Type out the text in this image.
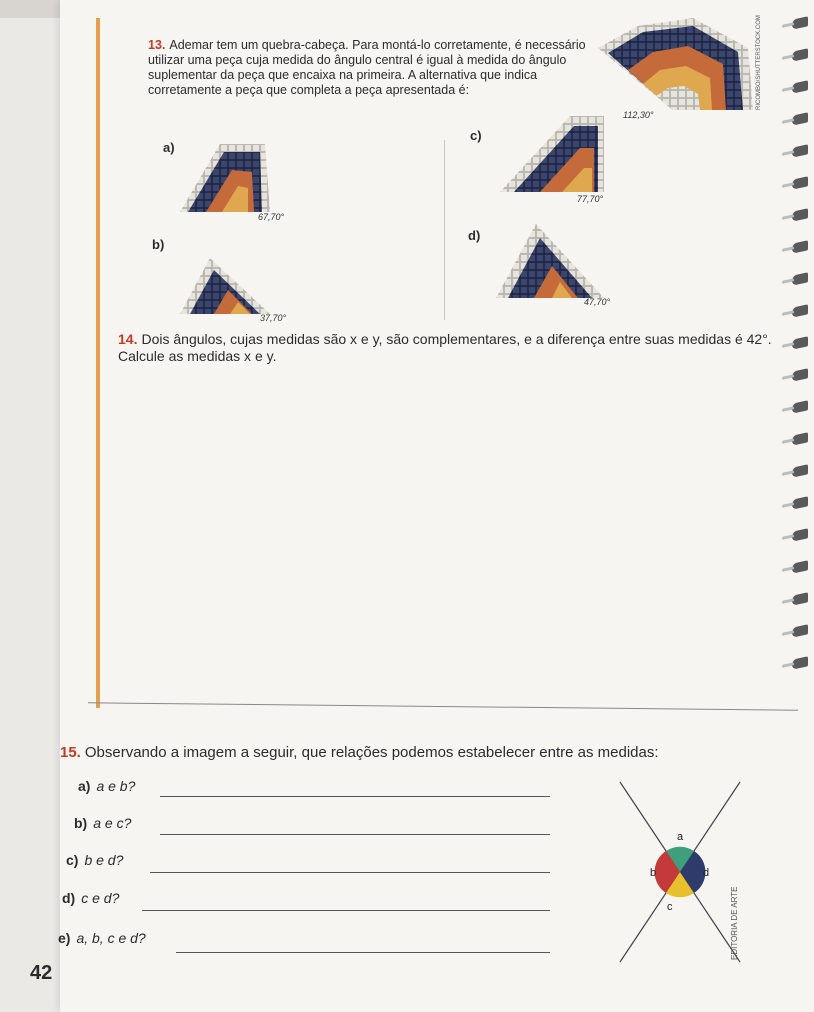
13. Ademar tem um quebra-cabeça. Para montá-lo corretamente, é necessário utilizar uma peça cuja medida do ângulo central é igual à medida do ângulo suplementar da peça que encaixa na primeira. A alternativa que indica corretamente a peça que completa a peça apresentada é:
112,30°
RICOMBO/SHUTTERSTOCK.COM
a)
67,70°
b)
37,70°
c)
77,70°
d)
47,70°
14. Dois ângulos, cujas medidas são x e y, são complementares, e a diferença entre suas medidas é 42°. Calcule as medidas x e y.
15. Observando a imagem a seguir, que relações podemos estabelecer entre as medidas:
a) a e b?
b) a e c?
c) b e d?
d) c e d?
e) a, b, c e d?
a
b	d
c	EDITORIA DE ARTE
42
